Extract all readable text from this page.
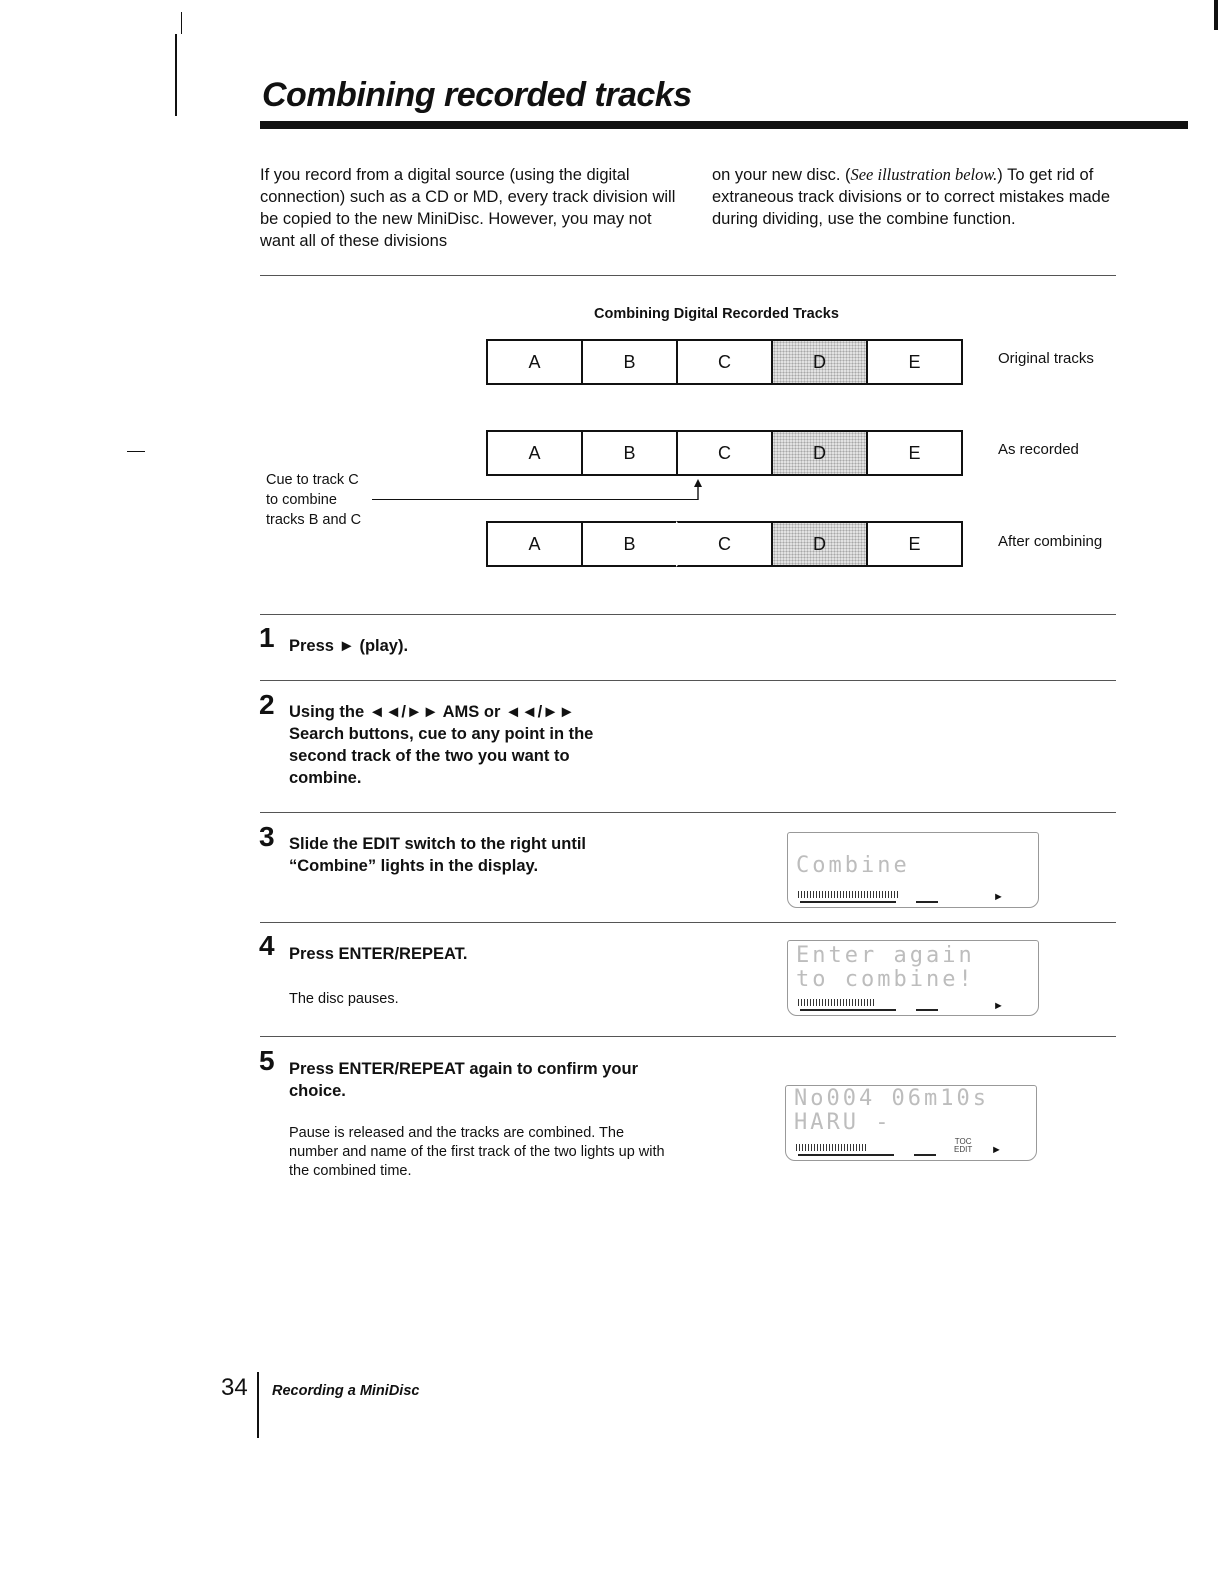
Combining recorded tracks

If you record from a digital source (using the digital connection) such as a CD or MD, every track division will be copied to the new MiniDisc. However, you may not want all of these divisions

on your new disc. (See illustration below.) To get rid of extraneous track divisions or to correct mistakes made during dividing, use the combine function.

Combining Digital Recorded Tracks
A	B	C	D	E	Original tracks
A	B	C	D	E	As recorded

Cue to track C
to combine
tracks B and C

A	B	C	D	E	After combining
1 Press ► (play).

2 Using the ◄◄/►► AMS or ◄◄/►► Search buttons, cue to any point in the second track of the two you want to combine.

3 Slide the EDIT switch to the right until “Combine” lights in the display.	Combine
►
4 Press ENTER/REPEAT.

The disc pauses.

Enter again
to combine!
►
5 Press ENTER/REPEAT again to confirm your choice.

Pause is released and the tracks are combined. The number and name of the first track of the two lights up with the combined time.

No004 06m10s
HARU -
TOC
EDIT ►
34 Recording a MiniDisc
